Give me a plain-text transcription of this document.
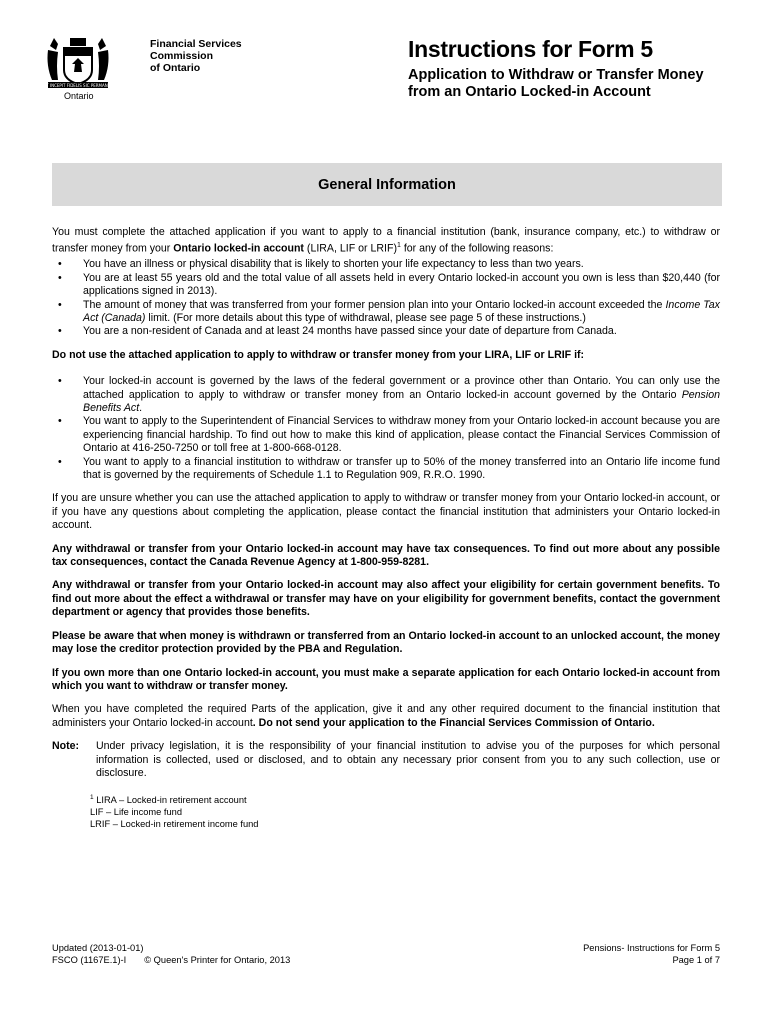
UT INCEPIT FIDELIS SIC PERMANET
Ontario
Financial Services
Commission
of Ontario
Instructions for Form 5
Application to Withdraw or Transfer Money
from an Ontario Locked-in Account
General Information

You must complete the attached application if you want to apply to a financial institution (bank, insurance company, etc.) to withdraw or transfer money from your Ontario locked-in account (LIRA, LIF or LRIF)$^1$ for any of the following reasons:

• You have an illness or physical disability that is likely to shorten your life expectancy to less than two years.
• You are at least 55 years old and the total value of all assets held in every Ontario locked-in account you own is less than $20,440 (for applications signed in 2013).
• The amount of money that was transferred from your former pension plan into your Ontario locked-in account exceeded the Income Tax Act (Canada) limit. (For more details about this type of withdrawal, please see page 5 of these instructions.)
• You are a non-resident of Canada and at least 24 months have passed since your date of departure from Canada.

Do not use the attached application to apply to withdraw or transfer money from your LIRA, LIF or LRIF if:

• Your locked-in account is governed by the laws of the federal government or a province other than Ontario. You can only use the attached application to apply to withdraw or transfer money from an Ontario locked-in account governed by the Ontario Pension Benefits Act.
• You want to apply to the Superintendent of Financial Services to withdraw money from your Ontario locked-in account because you are experiencing financial hardship. To find out how to make this kind of application, please contact the Financial Services Commission of Ontario at 416-250-7250 or toll free at 1-800-668-0128.
• You want to apply to a financial institution to withdraw or transfer up to 50% of the money transferred into an Ontario life income fund that is governed by the requirements of Schedule 1.1 to Regulation 909, R.R.O. 1990.

If you are unsure whether you can use the attached application to apply to withdraw or transfer money from your Ontario locked-in account, or if you have any questions about completing the application, please contact the financial institution that administers your Ontario locked-in account.

Any withdrawal or transfer from your Ontario locked-in account may have tax consequences. To find out more about any possible tax consequences, contact the Canada Revenue Agency at 1-800-959-8281.

Any withdrawal or transfer from your Ontario locked-in account may also affect your eligibility for certain government benefits. To find out more about the effect a withdrawal or transfer may have on your eligibility for government benefits, contact the government department or agency that provides those benefits.

Please be aware that when money is withdrawn or transferred from an Ontario locked-in account to an unlocked account, the money may lose the creditor protection provided by the PBA and Regulation.

If you own more than one Ontario locked-in account, you must make a separate application for each Ontario locked-in account from which you want to withdraw or transfer money.

When you have completed the required Parts of the application, give it and any other required document to the financial institution that administers your Ontario locked-in account. Do not send your application to the Financial Services Commission of Ontario.

Note:	Under privacy legislation, it is the responsibility of your financial institution to advise you of the purposes for which personal information is collected, used or disclosed, and to obtain any necessary prior consent from you to any such collection, use or disclosure.
$^1$ LIRA – Locked-in retirement account
LIF – Life income fund
LRIF – Locked-in retirement income fund
Updated (2013-01-01)
FSCO (1167E.1)-I © Queen's Printer for Ontario, 2013
Pensions- Instructions for Form 5
Page 1 of 7
